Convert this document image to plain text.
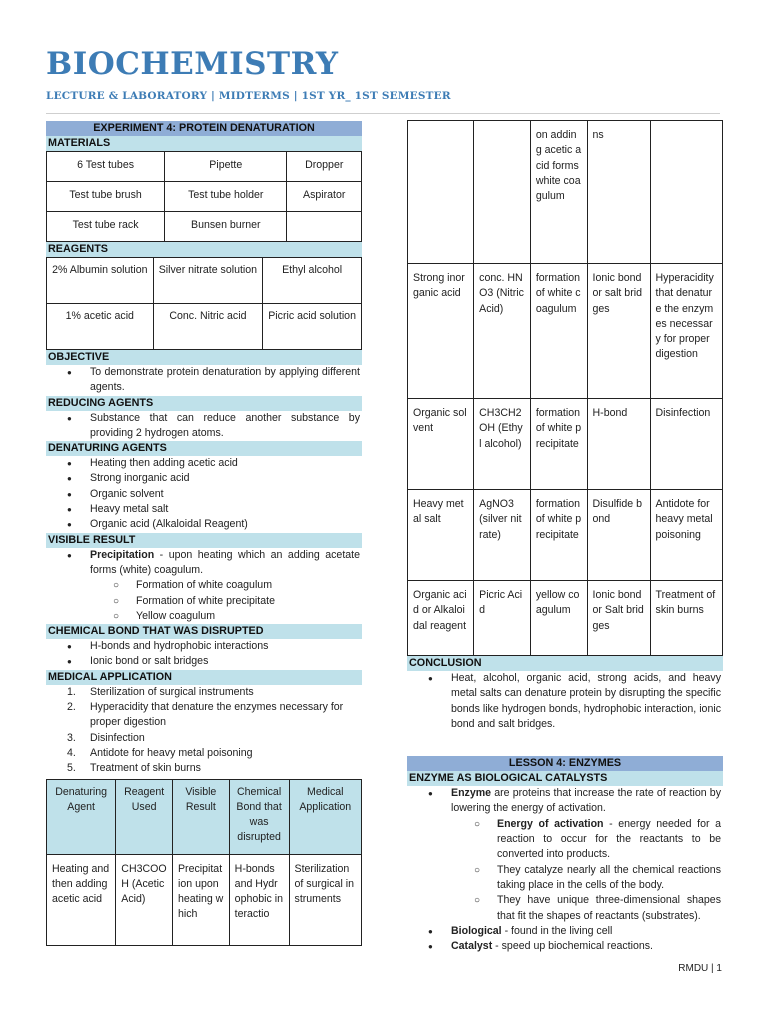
BIOCHEMISTRY
LECTURE & LABORATORY | MIDTERMS | 1ST YR_ 1ST SEMESTER
EXPERIMENT 4: PROTEIN DENATURATION
MATERIALS
6 Test tubes	Pipette	Dropper
Test tube brush	Test tube holder	Aspirator
Test tube rack	Bunsen burner	
REAGENTS
2% Albumin solution	Silver nitrate solution	Ethyl alcohol
1% acetic acid	Conc. Nitric acid	Picric acid solution
OBJECTIVE
● To demonstrate protein denaturation by applying different agents.
REDUCING AGENTS
● Substance that can reduce another substance by providing 2 hydrogen atoms.
DENATURING AGENTS
● Heating then adding acetic acid
● Strong inorganic acid
● Organic solvent
● Heavy metal salt
● Organic acid (Alkaloidal Reagent)
VISIBLE RESULT
● Precipitation - upon heating which an adding acetate forms (white) coagulum.
○ Formation of white coagulum
○ Formation of white precipitate
○ Yellow coagulum
CHEMICAL BOND THAT WAS DISRUPTED
● H-bonds and hydrophobic interactions
● Ionic bond or salt bridges
MEDICAL APPLICATION
1. Sterilization of surgical instruments
2. Hyperacidity that denature the enzymes necessary for proper digestion
3. Disinfection
4. Antidote for heavy metal poisoning
5. Treatment of skin burns
Denaturing Agent	Reagent Used	Visible Result	Chemical Bond that was disrupted	Medical Application
Heating and then adding acetic acid	CH3COOH (Acetic Acid)	Precipitation upon heating which	H-bonds and Hydrophobic interactio	Sterilization of surgical instruments
		on adding acetic acid forms white coagulum	ns	
Strong inorganic acid	conc. HNO3 (Nitric Acid)	formation of white coagulum	Ionic bond or salt bridges	Hyperacidity that denature the enzymes necessary for proper digestion
Organic solvent	CH3CH2OH (Ethyl alcohol)	formation of white precipitate	H-bond	Disinfection
Heavy metal salt	AgNO3 (silver nitrate)	formation of white precipitate	Disulfide bond	Antidote for heavy metal poisoning
Organic acid or Alkaloidal reagent	Picric Acid	yellow coagulum	Ionic bond or Salt bridges	Treatment of skin burns
CONCLUSION
● Heat, alcohol, organic acid, strong acids, and heavy metal salts can denature protein by disrupting the specific bonds like hydrogen bonds, hydrophobic interaction, ionic bond and salt bridges.
LESSON 4: ENZYMES
ENZYME AS BIOLOGICAL CATALYSTS
● Enzyme are proteins that increase the rate of reaction by lowering the energy of activation.
○ Energy of activation - energy needed for a reaction to occur for the reactants to be converted into products.
○ They catalyze nearly all the chemical reactions taking place in the cells of the body.
○ They have unique three-dimensional shapes that fit the shapes of reactants (substrates).
● Biological - found in the living cell
● Catalyst - speed up biochemical reactions.
RMDU | 1
